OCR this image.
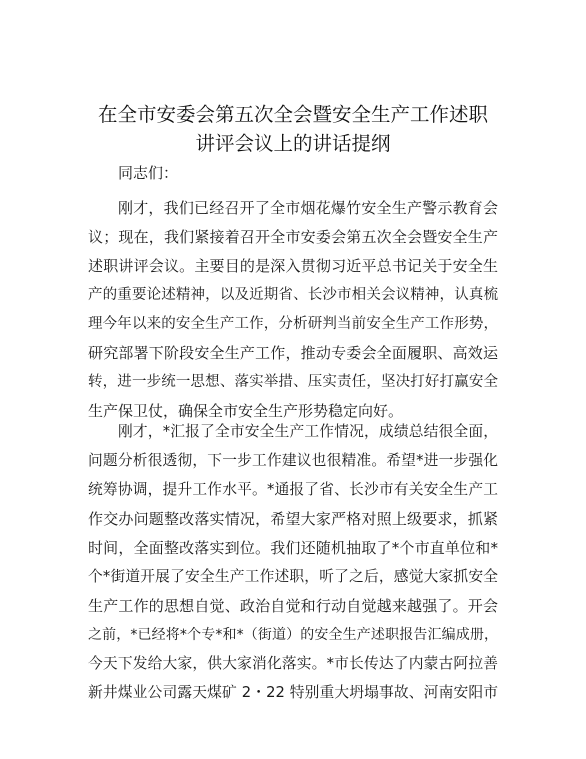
在全市安委会第五次全会暨安全生产工作述职
讲评会议上的讲话提纲
同志们：
刚才，我们已经召开了全市烟花爆竹安全生产警示教育会
议；现在，我们紧接着召开全市安委会第五次全会暨安全生产
述职讲评会议。主要目的是深入贯彻习近平总书记关于安全生
产的重要论述精神，以及近期省、长沙市相关会议精神，认真梳
理今年以来的安全生产工作，分析研判当前安全生产工作形势，
研究部署下阶段安全生产工作，推动专委会全面履职、高效运
转，进一步统一思想、落实举措、压实责任，坚决打好打赢安全
生产保卫仗，确保全市安全生产形势稳定向好。
刚才，*汇报了全市安全生产工作情况，成绩总结很全面，
问题分析很透彻，下一步工作建议也很精准。希望*进一步强化
统筹协调，提升工作水平。*通报了省、长沙市有关安全生产工
作交办问题整改落实情况，希望大家严格对照上级要求，抓紧
时间，全面整改落实到位。我们还随机抽取了*个市直单位和*
个*街道开展了安全生产工作述职，听了之后，感觉大家抓安全
生产工作的思想自觉、政治自觉和行动自觉越来越强了。开会
之前，*已经将*个专*和*（街道）的安全生产述职报告汇编成册，
今天下发给大家，供大家消化落实。*市长传达了内蒙古阿拉善
新井煤业公司露天煤矿 2・22 特别重大坍塌事故、河南安阳市
